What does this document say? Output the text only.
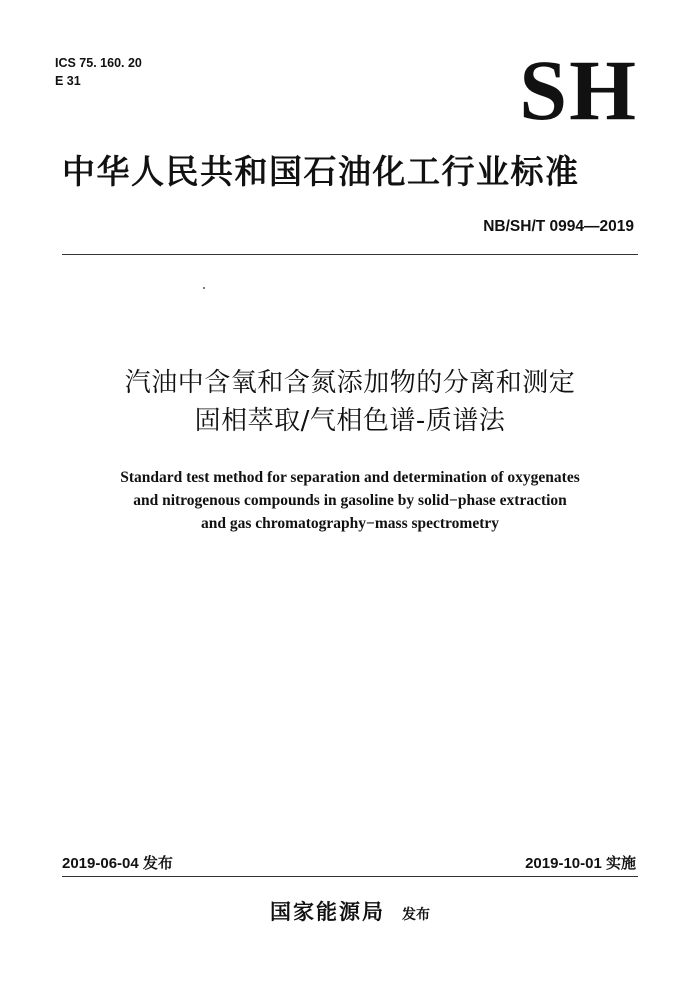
ICS 75. 160. 20
E 31	SH
中华人民共和国石油化工行业标准
NB/SH/T 0994—2019
汽油中含氧和含氮添加物的分离和测定
固相萃取/气相色谱-质谱法
Standard test method for separation and determination of oxygenates
and nitrogenous compounds in gasoline by solid−phase extraction
and gas chromatography−mass spectrometry
2019-06-04 发布	2019-10-01 实施
国家能源局 发布
